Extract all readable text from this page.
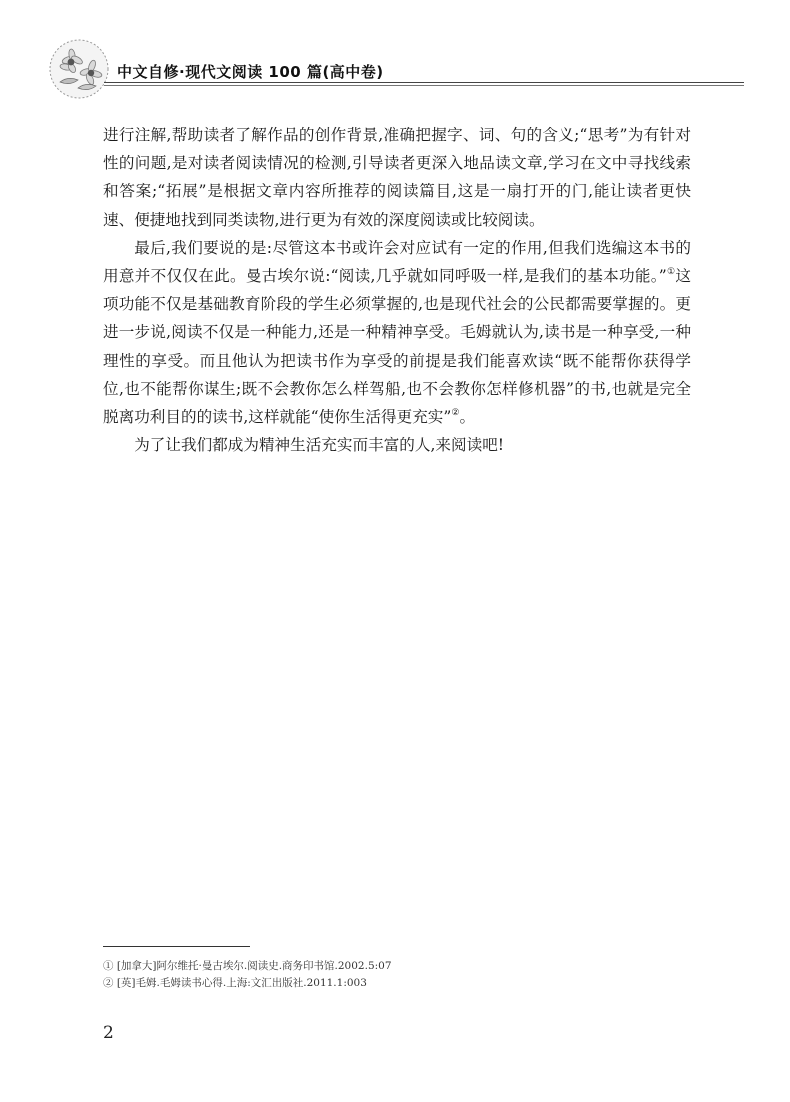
中文自修·现代文阅读 100 篇(高中卷)

进行注解,帮助读者了解作品的创作背景,准确把握字、词、句的含义;“思考”为有针对性的问题,是对读者阅读情况的检测,引导读者更深入地品读文章,学习在文中寻找线索和答案;“拓展”是根据文章内容所推荐的阅读篇目,这是一扇打开的门,能让读者更快速、便捷地找到同类读物,进行更为有效的深度阅读或比较阅读。

最后,我们要说的是:尽管这本书或许会对应试有一定的作用,但我们选编这本书的用意并不仅仅在此。曼古埃尔说:“阅读,几乎就如同呼吸一样,是我们的基本功能。”①这项功能不仅是基础教育阶段的学生必须掌握的,也是现代社会的公民都需要掌握的。更进一步说,阅读不仅是一种能力,还是一种精神享受。毛姆就认为,读书是一种享受,一种理性的享受。而且他认为把读书作为享受的前提是我们能喜欢读“既不能帮你获得学位,也不能帮你谋生;既不会教你怎么样驾船,也不会教你怎样修机器”的书,也就是完全脱离功利目的的读书,这样就能“使你生活得更充实”②。

为了让我们都成为精神生活充实而丰富的人,来阅读吧!

① [加拿大]阿尔维托·曼古埃尔.阅读史.商务印书馆.2002.5:07
② [英]毛姆.毛姆读书心得.上海:文汇出版社.2011.1:003
2
